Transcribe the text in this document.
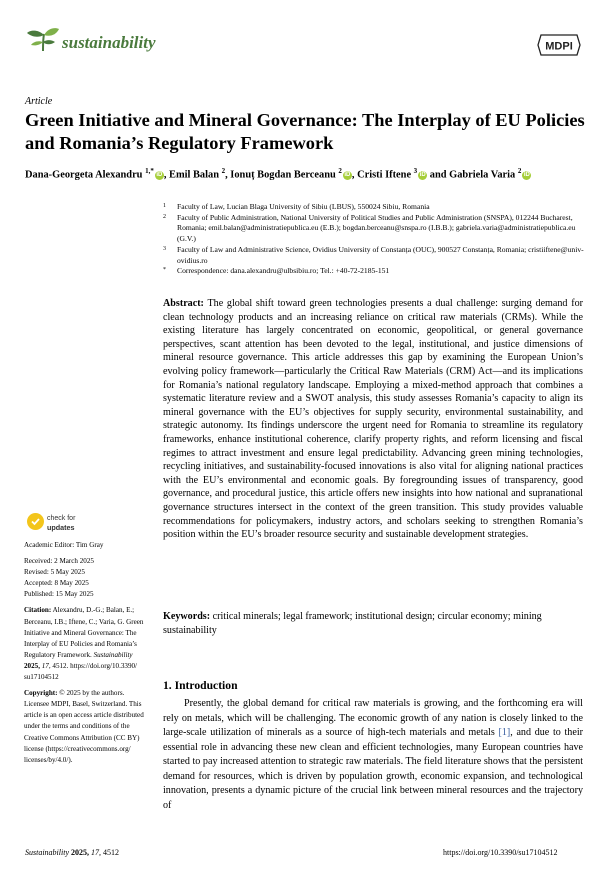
sustainability	MDPI
Article
Green Initiative and Mineral Governance: The Interplay of EU Policies and Romania’s Regulatory Framework
Dana-Georgeta Alexandru $^{1,*}$iD , Emil Balan $^2$, Ionuț Bogdan Berceanu $^2$iD , Cristi Iftene $^3$iD and Gabriela Varia $^2$iD
1 Faculty of Law, Lucian Blaga University of Sibiu (LBUS), 550024 Sibiu, Romania
2 Faculty of Public Administration, National University of Political Studies and Public Administration (SNSPA), 012244 Bucharest, Romania; emil.balan@administratiepublica.eu (E.B.); bogdan.berceanu@snspa.ro (I.B.B.); gabriela.varia@administratiepublica.eu (G.V.)
3 Faculty of Law and Administrative Science, Ovidius University of Constanța (OUC), 900527 Constanța, Romania; cristiiftene@univ-ovidius.ro
* Correspondence: dana.alexandru@ulbsibiu.ro; Tel.: +40-72-2185-151
Abstract: The global shift toward green technologies presents a dual challenge: surging demand for clean technology products and an increasing reliance on critical raw materials (CRMs). While the existing literature has largely concentrated on economic, geopolitical, or general governance perspectives, scant attention has been devoted to the legal, institutional, and justice dimensions of mineral resource governance. This article addresses this gap by examining the European Union’s evolving policy framework—particularly the Critical Raw Materials (CRM) Act—and its implications for Romania’s national regulatory landscape. Employing a mixed-method approach that combines a systematic literature review and a SWOT analysis, this study assesses Romania’s capacity to align its mineral governance with the EU’s objectives for supply security, environmental sustainability, and strategic autonomy. Its findings underscore the urgent need for Romania to streamline its regulatory frameworks, enhance institutional coherence, clarify property rights, and reform licensing and fiscal regimes to attract investment and ensure legal predictability. Advancing green mining technologies, recycling initiatives, and sustainability-focused innovations is also vital for aligning national practices with the EU’s environmental and economic goals. By foregrounding issues of transparency, good governance, and procedural justice, this article offers new insights into how national and supranational governance structures intersect in the context of the green transition. This study provides valuable recommendations for policymakers, industry actors, and scholars seeking to strengthen Romania’s position within the EU’s broader resource security and sustainable development strategies.
Keywords: critical minerals; legal framework; institutional design; circular economy; mining sustainability
1. Introduction
Presently, the global demand for critical raw materials is growing, and the forthcoming era will rely on metals, which will be challenging. The economic growth of any nation is closely linked to the large-scale utilization of minerals as a source of high-tech materials and metals [1], and due to their essential role in advancing these new clean and efficient technologies, many European countries have started to pay increased attention to strategic raw materials. The field literature shows that the persistent demand for resources, which is driven by population growth, economic expansion, and technological innovation, presents a dynamic picture of the crucial link between mineral resources and the trajectory of
check for
updates
Academic Editor: Tim Gray
Received: 2 March 2025
Revised: 5 May 2025
Accepted: 8 May 2025
Published: 15 May 2025
Citation: Alexandru, D.-G.; Balan, E.; Berceanu, I.B.; Iftene, C.; Varia, G. Green Initiative and Mineral Governance: The Interplay of EU Policies and Romania’s Regulatory Framework. Sustainability 2025, 17, 4512. https://doi.org/10.3390/ su17104512
Copyright: © 2025 by the authors. Licensee MDPI, Basel, Switzerland. This article is an open access article distributed under the terms and conditions of the Creative Commons Attribution (CC BY) license (https://creativecommons.org/ licenses/by/4.0/).
Sustainability 2025, 17, 4512	https://doi.org/10.3390/su17104512
